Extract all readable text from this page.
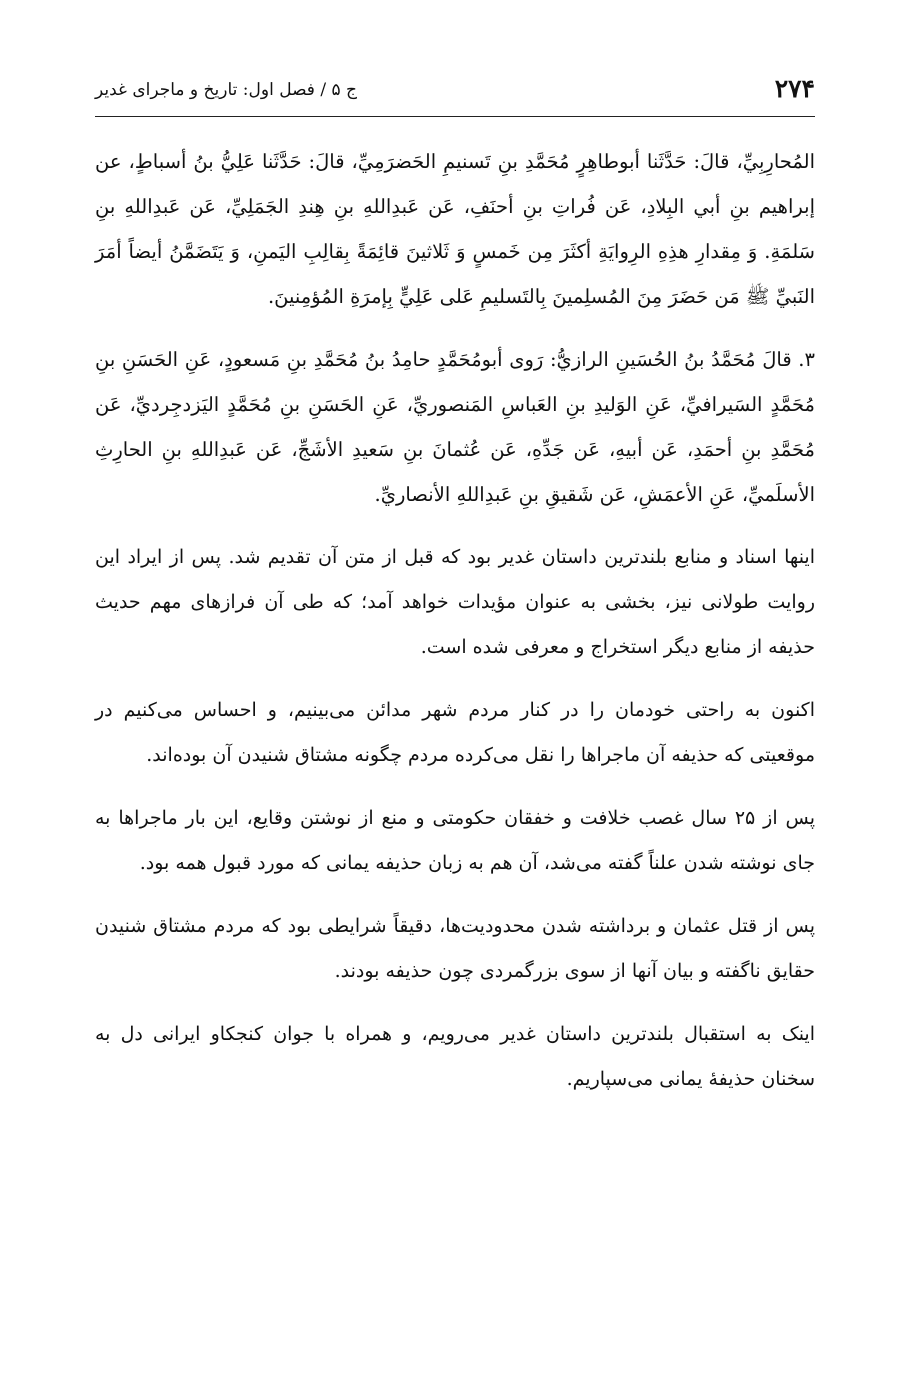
۲۷۴
ج ۵ / فصل اول: تاریخ و ماجرای غدیر

المُحارِبِيِّ، قالَ: حَدَّثَنا أبوطاهِرٍ مُحَمَّدِ بنِ تَسنيمِ الحَضرَمِيِّ، قالَ: حَدَّثَنا عَلِيُّ بنُ أسباطٍ، عن إبراهيم بنِ أبي البِلادِ، عَن فُراتِ بنِ أحنَفِ، عَن عَبدِاللهِ بنِ هِندِ الجَمَلِيِّ، عَن عَبدِاللهِ بنِ سَلمَةِ. وَ مِقدارِ هذِهِ الرِوايَةِ أكثَرَ مِن خَمسٍ وَ ثَلاثينَ قائِمَةً بِقالِبِ اليَمنِ، وَ يَتَضَمَّنُ أيضاً أمَرَ النَبيِّ ﷺ مَن حَضَرَ مِنَ المُسلِمينَ بِالتَسليمِ عَلى عَلِيٍّ بِإمرَةِ المُؤمِنينَ.

۳. قالَ مُحَمَّدُ بنُ الحُسَينِ الرازيُّ: رَوى أبومُحَمَّدٍ حامِدُ بنُ مُحَمَّدِ بنِ مَسعودٍ، عَنِ الحَسَنِ بنِ مُحَمَّدٍ السَيرافيِّ، عَنِ الوَليدِ بنِ العَباسِ المَنصوريِّ، عَنِ الحَسَنِ بنِ مُحَمَّدٍ اليَزدجِرديِّ، عَن مُحَمَّدِ بنِ أحمَدِ، عَن أبيهِ، عَن جَدِّهِ، عَن عُثمانَ بنِ سَعيدِ الأشَجِّ، عَن عَبدِاللهِ بنِ الحارِثِ الأسلَميِّ، عَنِ الأعمَشِ، عَن شَقيقِ بنِ عَبدِاللهِ الأنصاريِّ.

اینها اسناد و منابع بلندترین داستان غدیر بود که قبل از متن آن تقدیم شد. پس از ایراد این روایت طولانی نیز، بخشی به عنوان مؤیدات خواهد آمد؛ که طی آن فرازهای مهم حدیث حذیفه از منابع دیگر استخراج و معرفی شده است.

اکنون به راحتی خودمان را در کنار مردم شهر مدائن می‌بینیم، و احساس می‌کنیم در موقعیتی که حذیفه آن ماجراها را نقل می‌کرده مردم چگونه مشتاق شنیدن آن بوده‌اند.

پس از ۲۵ سال غصب خلافت و خفقان حکومتی و منع از نوشتن وقایع، این بار ماجراها به جای نوشته شدن علناً گفته می‌شد، آن هم به زبان حذیفه یمانی که مورد قبول همه بود.

پس از قتل عثمان و برداشته شدن محدودیت‌ها، دقیقاً شرایطی بود که مردم مشتاق شنیدن حقایق ناگفته و بیان آنها از سوی بزرگمردی چون حذیفه بودند.

اینک به استقبال بلندترین داستان غدیر می‌رویم، و همراه با جوان کنجکاو ایرانی دل به سخنان حذیفهٔ یمانی می‌سپاریم.
